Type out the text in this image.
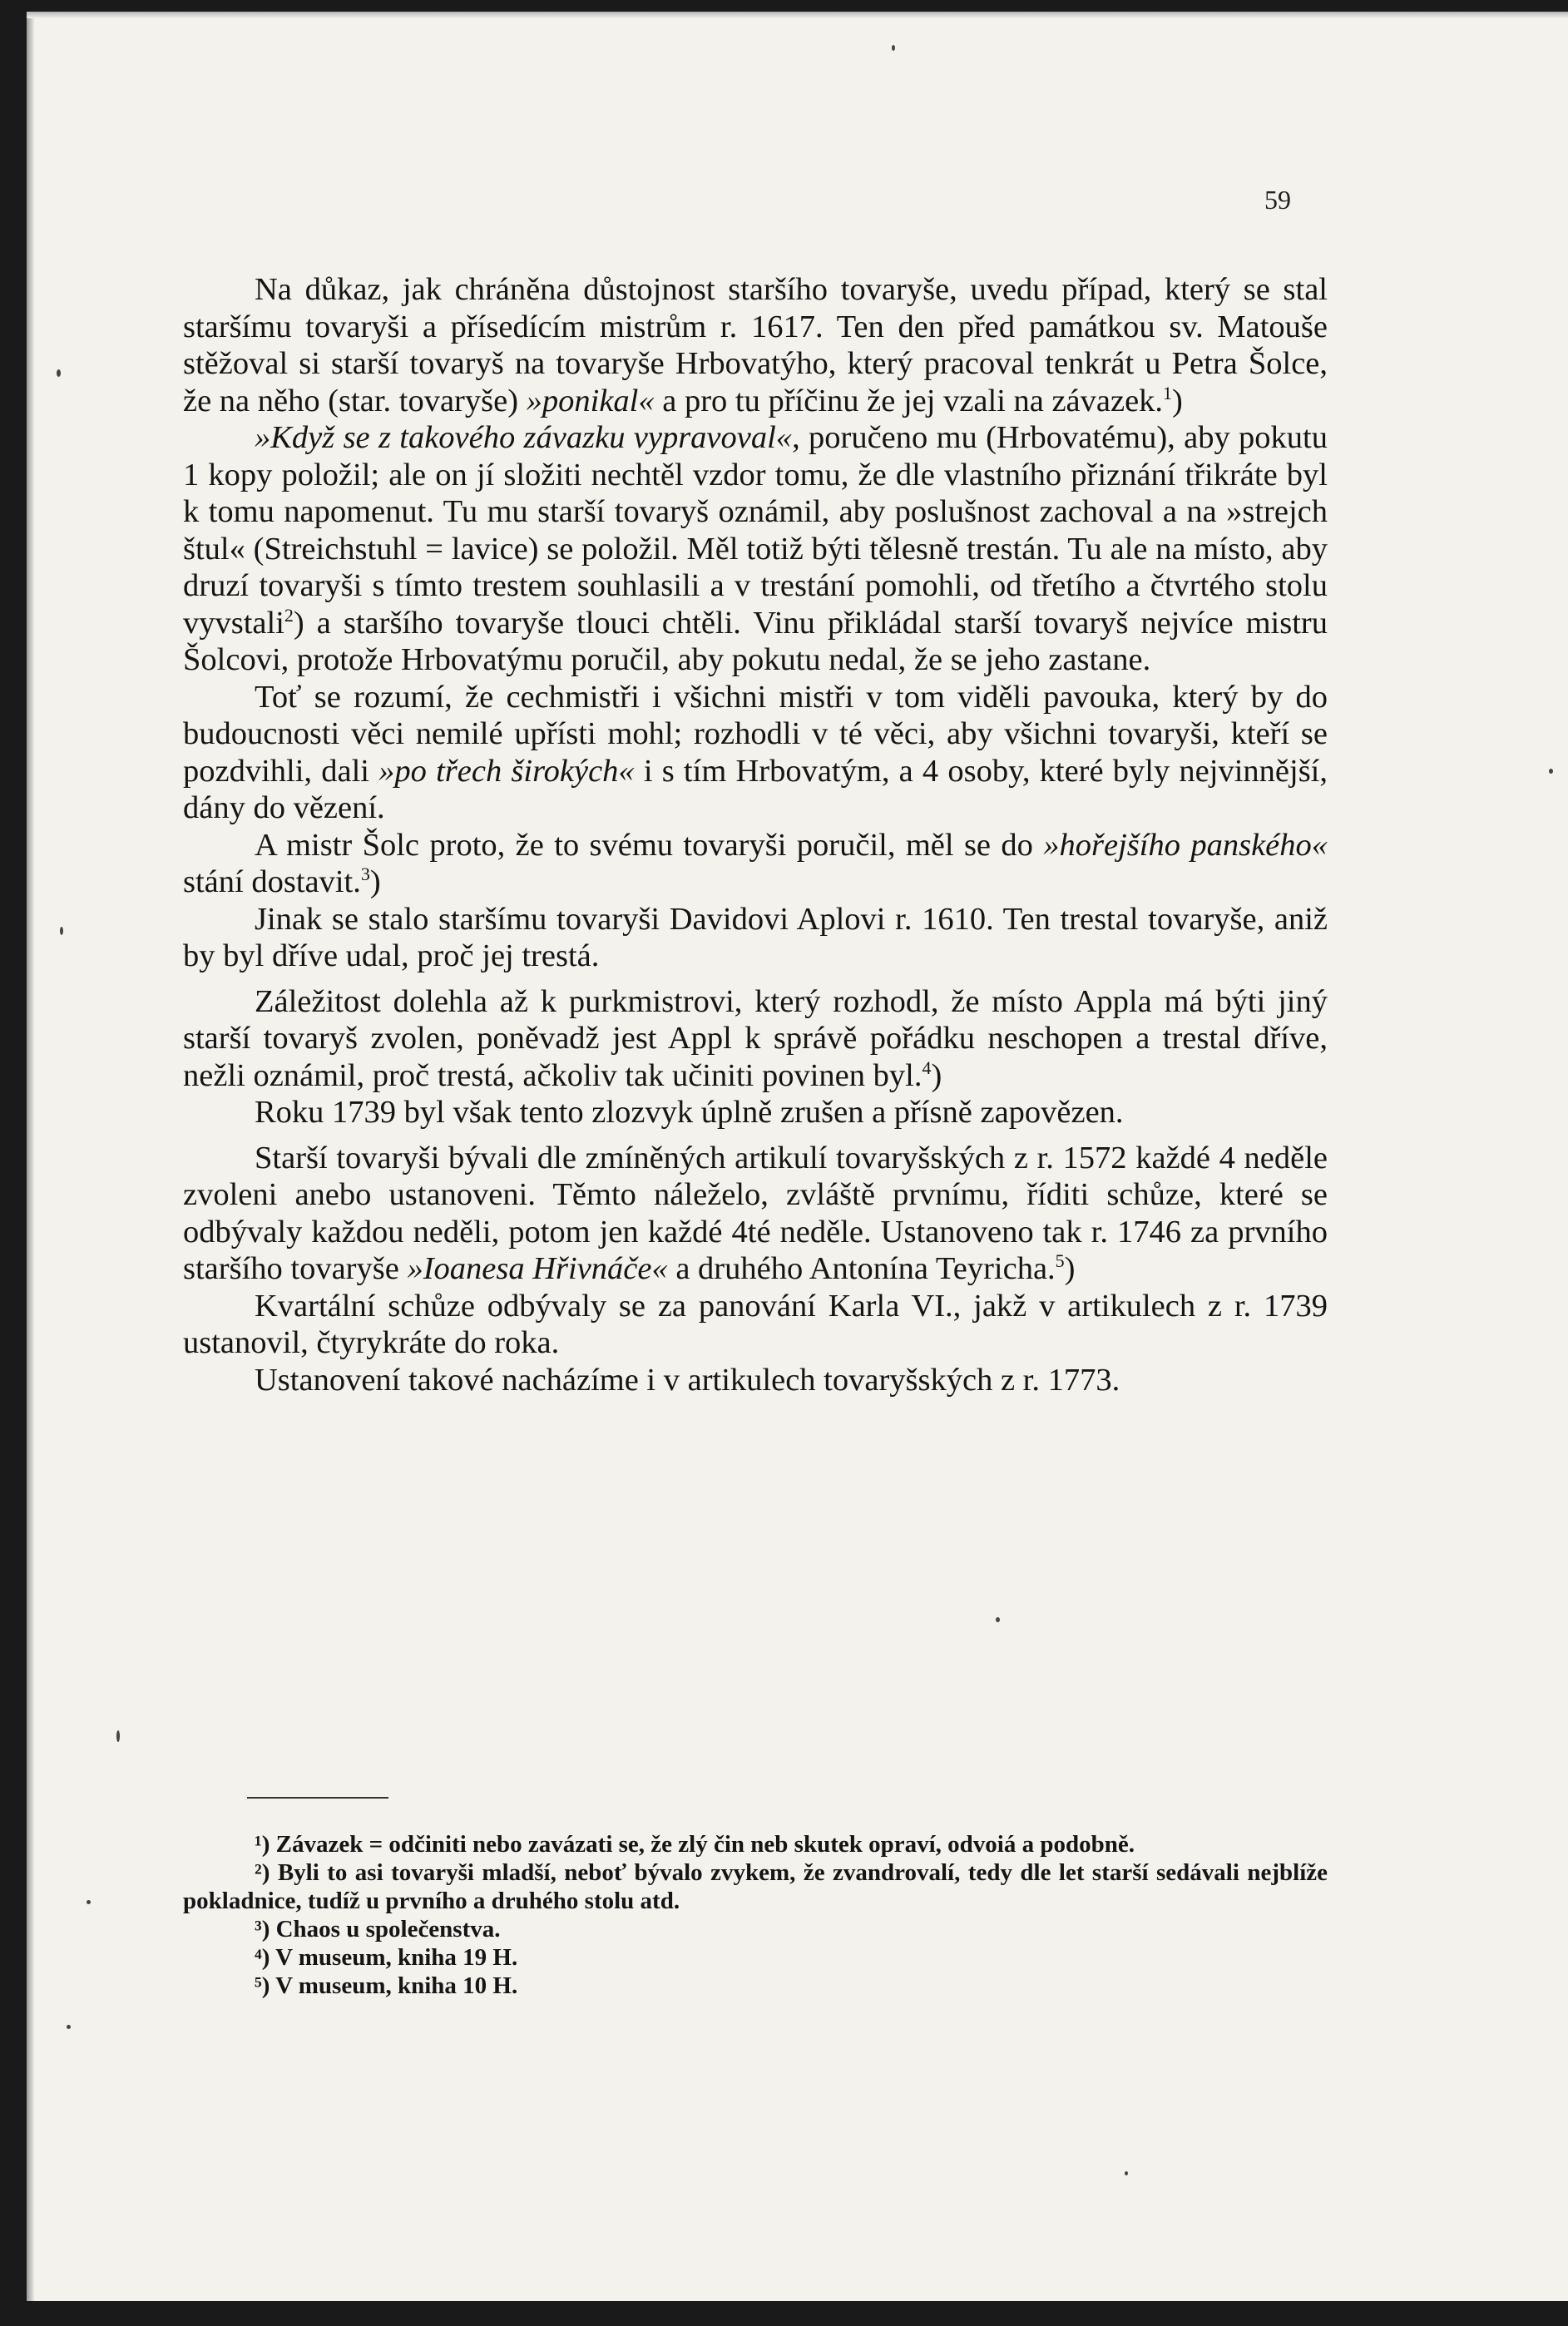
59

Na důkaz, jak chráněna důstojnost staršího tovaryše, uvedu případ, který se stal staršímu tovaryši a přísedícím mistrům r. 1617. Ten den před památkou sv. Matouše stěžoval si starší tovaryš na tovaryše Hrbovatýho, který pracoval tenkrát u Petra Šolce, že na něho (star. tovaryše) »ponikal« a pro tu příčinu že jej vzali na závazek.$^1$)

»Když se z takového závazku vypravoval«, poručeno mu (Hrbovatému), aby pokutu 1 kopy položil; ale on jí složiti nechtěl vzdor tomu, že dle vlastního přiznání třikráte byl k tomu napomenut. Tu mu starší tovaryš oznámil, aby poslušnost zachoval a na »strejch štul« (Streichstuhl = lavice) se položil. Měl totiž býti tělesně trestán. Tu ale na místo, aby druzí tovaryši s tímto trestem souhlasili a v trestání pomohli, od třetího a čtvrtého stolu vyvstali$^2$) a staršího tovaryše tlouci chtěli. Vinu přikládal starší tovaryš nejvíce mistru Šolcovi, protože Hrbovatýmu poručil, aby pokutu nedal, že se jeho zastane.

Toť se rozumí, že cechmistři i všichni mistři v tom viděli pavouka, který by do budoucnosti věci nemilé upřísti mohl; rozhodli v té věci, aby všichni tovaryši, kteří se pozdvihli, dali »po třech širokých« i s tím Hrbovatým, a 4 osoby, které byly nejvinnější, dány do vězení.

A mistr Šolc proto, že to svému tovaryši poručil, měl se do »hořejšího panského« stání dostavit.$^3$)

Jinak se stalo staršímu tovaryši Davidovi Aplovi r. 1610. Ten trestal tovaryše, aniž by byl dříve udal, proč jej trestá.

Záležitost dolehla až k purkmistrovi, který rozhodl, že místo Appla má býti jiný starší tovaryš zvolen, poněvadž jest Appl k správě pořádku neschopen a trestal dříve, nežli oznámil, proč trestá, ačkoliv tak učiniti povinen byl.$^4$)

Roku 1739 byl však tento zlozvyk úplně zrušen a přísně zapovězen.

Starší tovaryši bývali dle zmíněných artikulí tovaryšských z r. 1572 každé 4 neděle zvoleni anebo ustanoveni. Těmto náleželo, zvláště prvnímu, říditi schůze, které se odbývaly každou neděli, potom jen každé 4té neděle. Ustanoveno tak r. 1746 za prvního staršího tovaryše »Ioanesa Hřivnáče« a druhého Antonína Teyricha.$^5$)

Kvartální schůze odbývaly se za panování Karla VI., jakž v artikulech z r. 1739 ustanovil, čtyrykráte do roka.

Ustanovení takové nacházíme i v artikulech tovaryšských z r. 1773.

¹) Závazek = odčiniti nebo zavázati se, že zlý čin neb skutek opraví, odvoiá a podobně.

²) Byli to asi tovaryši mladší, neboť bývalo zvykem, že zvandrovalí, tedy dle let starší sedávali nejblíže pokladnice, tudíž u prvního a druhého stolu atd.

³) Chaos u společenstva.

⁴) V museum, kniha 19 H.

⁵) V museum, kniha 10 H.
